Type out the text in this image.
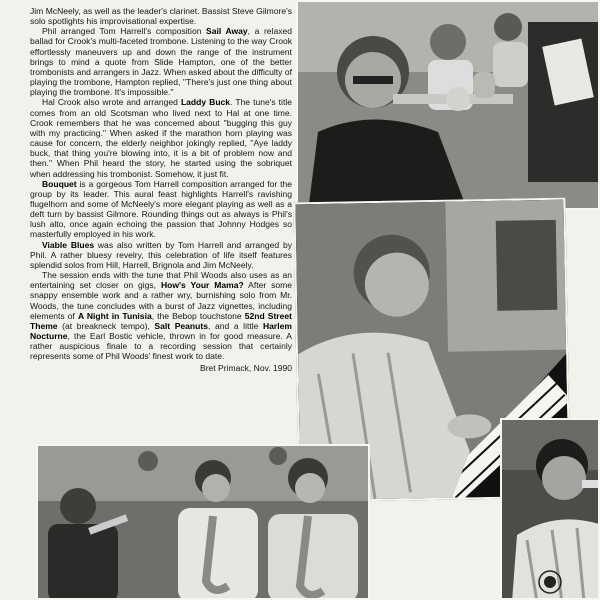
Jim McNeely, as well as the leader's clarinet. Bassist Steve Gilmore's solo spotlights his improvisational expertise.

Phil arranged Tom Harrell's composition Sail Away, a relaxed ballad for Crook's multi-faceted trombone. Listening to the way Crook effortlessly maneuvers up and down the range of the instrument brings to mind a quote from Slide Hampton, one of the better trombonists and arrangers in Jazz. When asked about the difficulty of playing the trombone, Hampton replied, ''There's just one thing about playing the trombone. It's impossible.''

Hal Crook also wrote and arranged Laddy Buck. The tune's title comes from an old Scotsman who lived next to Hal at one time. Crook remembers that he was concerned about ''bugging this guy with my practicing.'' When asked if the marathon horn playing was cause for concern, the elderly neighbor jokingly replied, ''Aye laddy buck, that thing you're blowing into, it is a bit of problem now and then.'' When Phil heard the story, he started using the sobriquet when addressing his trombonist. Somehow, it just fit.

Bouquet is a gorgeous Tom Harrell composition arranged for the group by its leader. This aural feast highlights Harrell's ravishing flugelhorn and some of McNeely's more elegant playing as well as a deft turn by bassist Gilmore. Rounding things out as always is Phil's lush alto, once again echoing the passion that Johnny Hodges so masterfully employed in his work.

Viable Blues was also written by Tom Harrell and arranged by Phil. A rather bluesy revelry, this celebration of life itself features splendid solos from Hill, Harrell, Brignola and Jim McNeely.

The session ends with the tune that Phil Woods also uses as an entertaining set closer on gigs, How's Your Mama? After some snappy ensemble work and a rather wry, burnishing solo from Mr. Woods, the tune concludes with a burst of Jazz vignettes, including elements of A Night in Tunisia, the Bebop touchstone 52nd Street Theme (at breakneck tempo), Salt Peanuts, and a little Harlem Nocturne, the Earl Bostic vehicle, thrown in for good measure. A rather auspicious finale to a recording session that certainly represents some of Phil Woods' finest work to date.

Bret Primack, Nov. 1990
